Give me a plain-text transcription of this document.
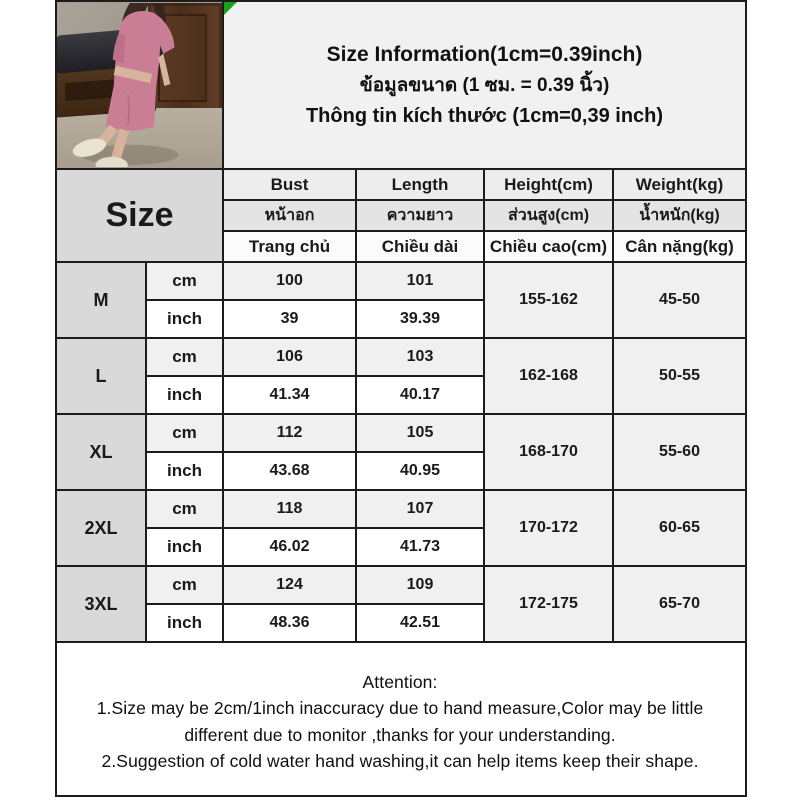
Size Information(1cm=0.39inch)
ข้อมูลขนาด (1 ซม. = 0.39 นิ้ว)
Thông tin kích thước (1cm=0,39 inch)			

Size		Bust	Length	Height(cm)	Weight(kg)
		หน้าอก	ความยาว	ส่วนสูง(cm)	น้ำหนัก(kg)
		Trang chủ	Chiều dài	Chiều cao(cm)	Cân nặng(kg)
M	cm	100	101	155-162	45-50
	inch	39	39.39		
L	cm	106	103	162-168	50-55
	inch	41.34	40.17		
XL	cm	112	105	168-170	55-60
	inch	43.68	40.95		
2XL	cm	118	107	170-172	60-65
	inch	46.02	41.73		
3XL	cm	124	109	172-175	65-70
	inch	48.36	42.51		

Attention:
1.Size may be 2cm/1inch inaccuracy due to hand measure,Color may be little different due to monitor ,thanks for your understanding.
2.Suggestion of cold water hand washing,it can help items keep their shape.					
